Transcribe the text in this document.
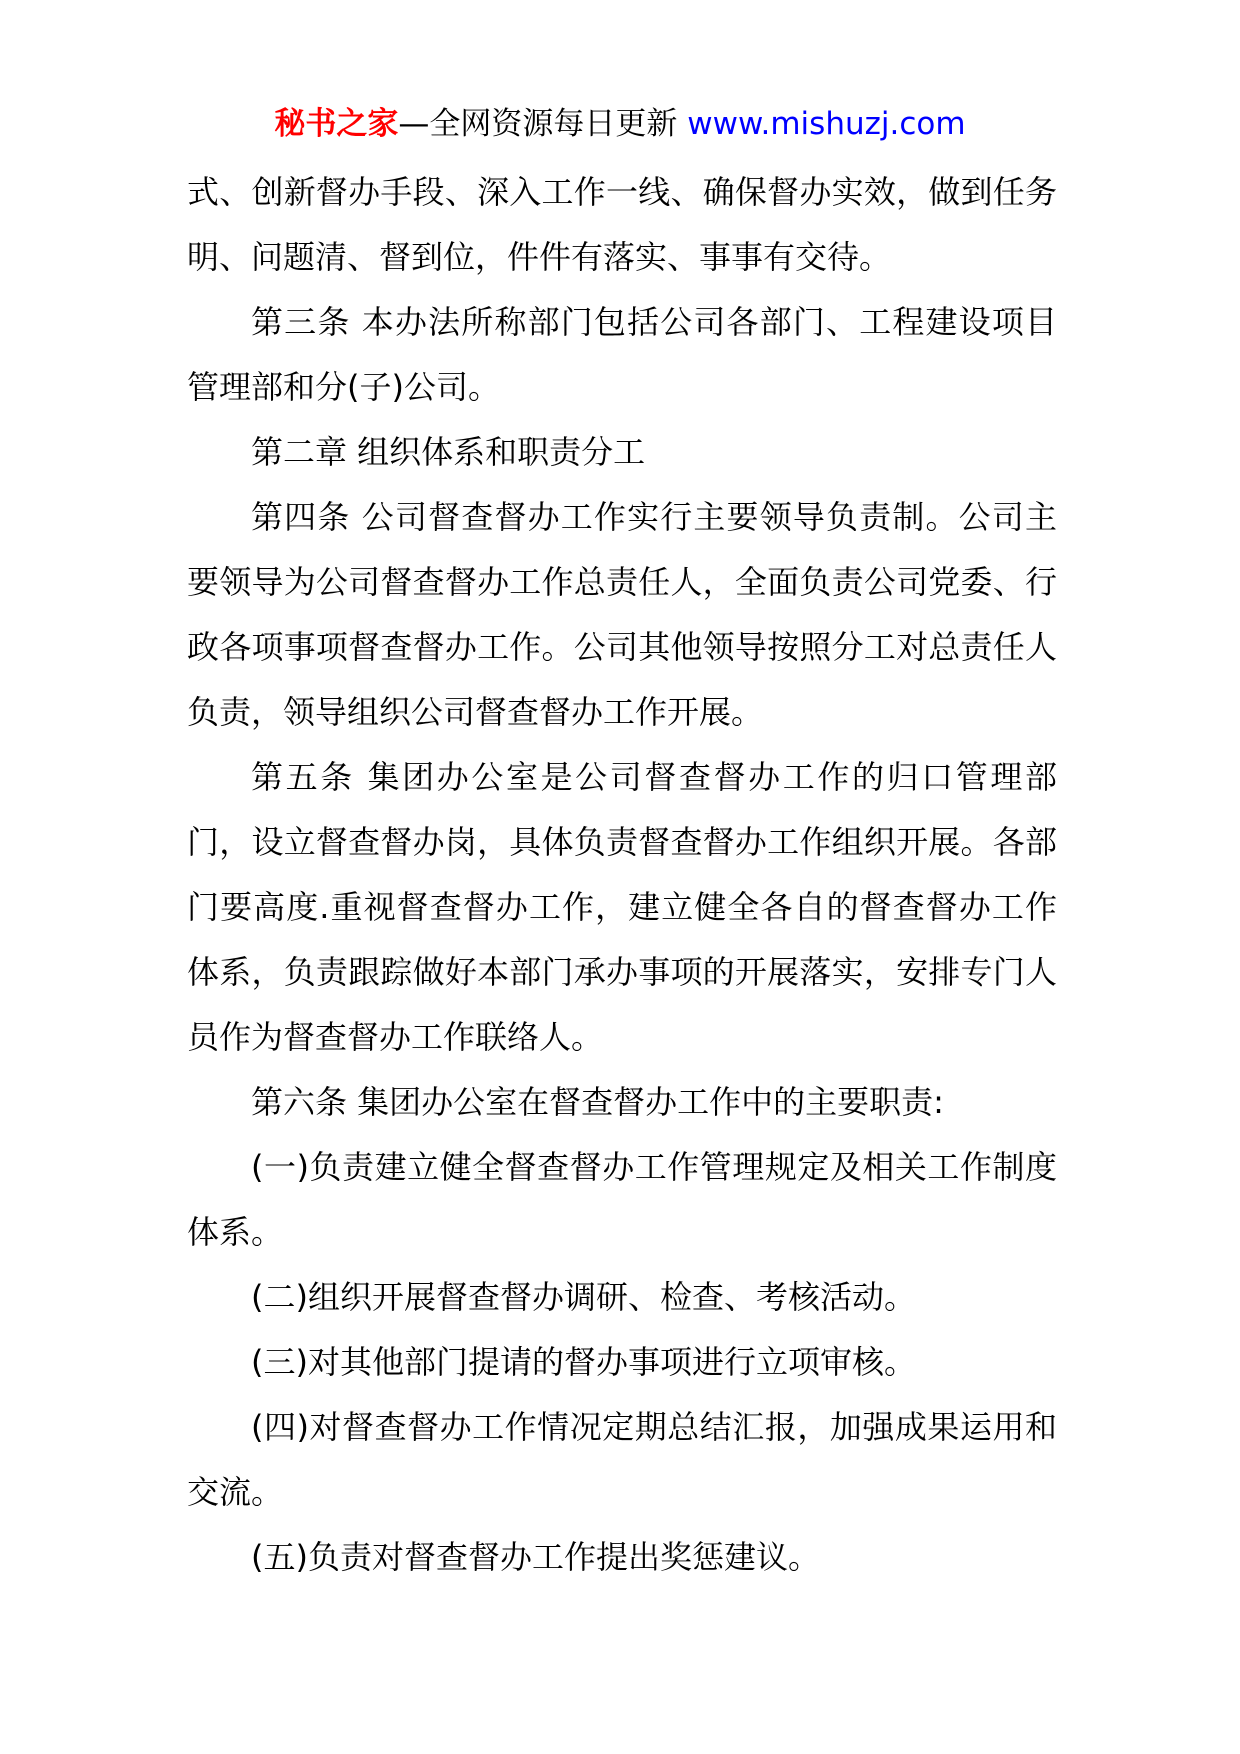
秘书之家—全网资源每日更新 www.mishuzj.com

式、创新督办手段、深入工作一线、确保督办实效，做到任务明、问题清、督到位，件件有落实、事事有交待。

第三条 本办法所称部门包括公司各部门、工程建设项目管理部和分(子)公司。

第二章 组织体系和职责分工

第四条 公司督查督办工作实行主要领导负责制。公司主要领导为公司督查督办工作总责任人，全面负责公司党委、行政各项事项督查督办工作。公司其他领导按照分工对总责任人负责，领导组织公司督查督办工作开展。

第五条 集团办公室是公司督查督办工作的归口管理部门，设立督查督办岗，具体负责督查督办工作组织开展。各部门要高度.重视督查督办工作，建立健全各自的督查督办工作体系，负责跟踪做好本部门承办事项的开展落实，安排专门人员作为督查督办工作联络人。

第六条 集团办公室在督查督办工作中的主要职责:

(一)负责建立健全督查督办工作管理规定及相关工作制度体系。

(二)组织开展督查督办调研、检查、考核活动。

(三)对其他部门提请的督办事项进行立项审核。

(四)对督查督办工作情况定期总结汇报，加强成果运用和交流。

(五)负责对督查督办工作提出奖惩建议。
